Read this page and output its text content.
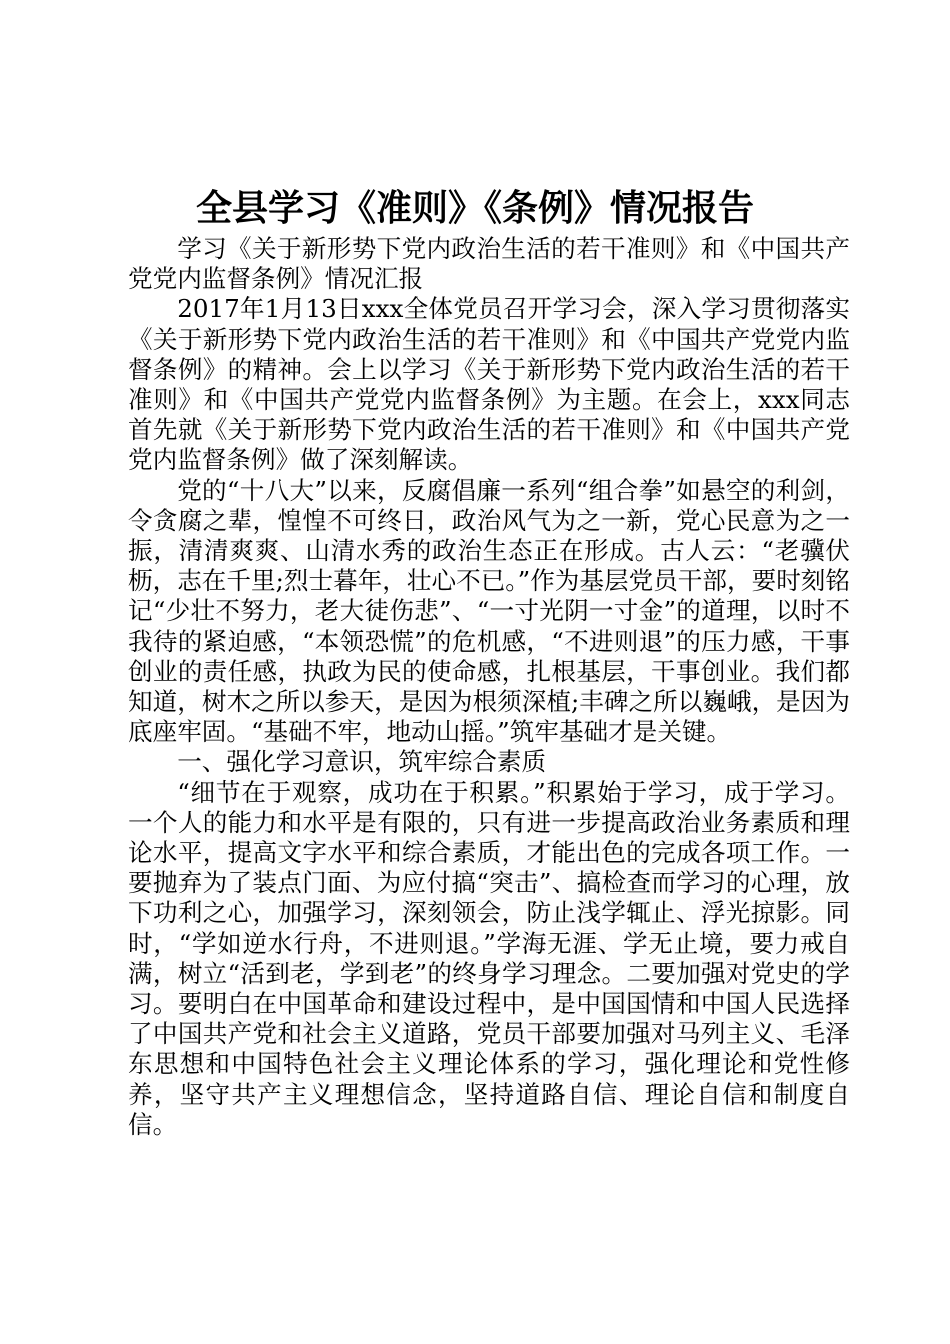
全县学习《准则》《条例》情况报告

学习《关于新形势下党内政治生活的若干准则》和《中国共产党党内监督条例》情况汇报

2017年1月13日xxx全体党员召开学习会，深入学习贯彻落实《关于新形势下党内政治生活的若干准则》和《中国共产党党内监督条例》的精神。会上以学习《关于新形势下党内政治生活的若干准则》和《中国共产党党内监督条例》为主题。在会上，xxx同志首先就《关于新形势下党内政治生活的若干准则》和《中国共产党党内监督条例》做了深刻解读。

党的“十八大”以来，反腐倡廉一系列“组合拳”如悬空的利剑，令贪腐之辈，惶惶不可终日，政治风气为之一新，党心民意为之一振，清清爽爽、山清水秀的政治生态正在形成。古人云：“老骥伏枥，志在千里;烈士暮年，壮心不已。”作为基层党员干部，要时刻铭记“少壮不努力，老大徒伤悲”、“一寸光阴一寸金”的道理，以时不我待的紧迫感，“本领恐慌”的危机感，“不进则退”的压力感，干事创业的责任感，执政为民的使命感，扎根基层，干事创业。我们都知道，树木之所以参天，是因为根须深植;丰碑之所以巍峨，是因为底座牢固。“基础不牢，地动山摇。”筑牢基础才是关键。

一、强化学习意识，筑牢综合素质

“细节在于观察，成功在于积累。”积累始于学习，成于学习。一个人的能力和水平是有限的，只有进一步提高政治业务素质和理论水平，提高文字水平和综合素质，才能出色的完成各项工作。一要抛弃为了装点门面、为应付搞“突击”、搞检查而学习的心理，放下功利之心，加强学习，深刻领会，防止浅学辄止、浮光掠影。同时，“学如逆水行舟，不进则退。”学海无涯、学无止境，要力戒自满，树立“活到老，学到老”的终身学习理念。二要加强对党史的学习。要明白在中国革命和建设过程中，是中国国情和中国人民选择了中国共产党和社会主义道路，党员干部要加强对马列主义、毛泽东思想和中国特色社会主义理论体系的学习，强化理论和党性修养，坚守共产主义理想信念，坚持道路自信、理论自信和制度自信。
